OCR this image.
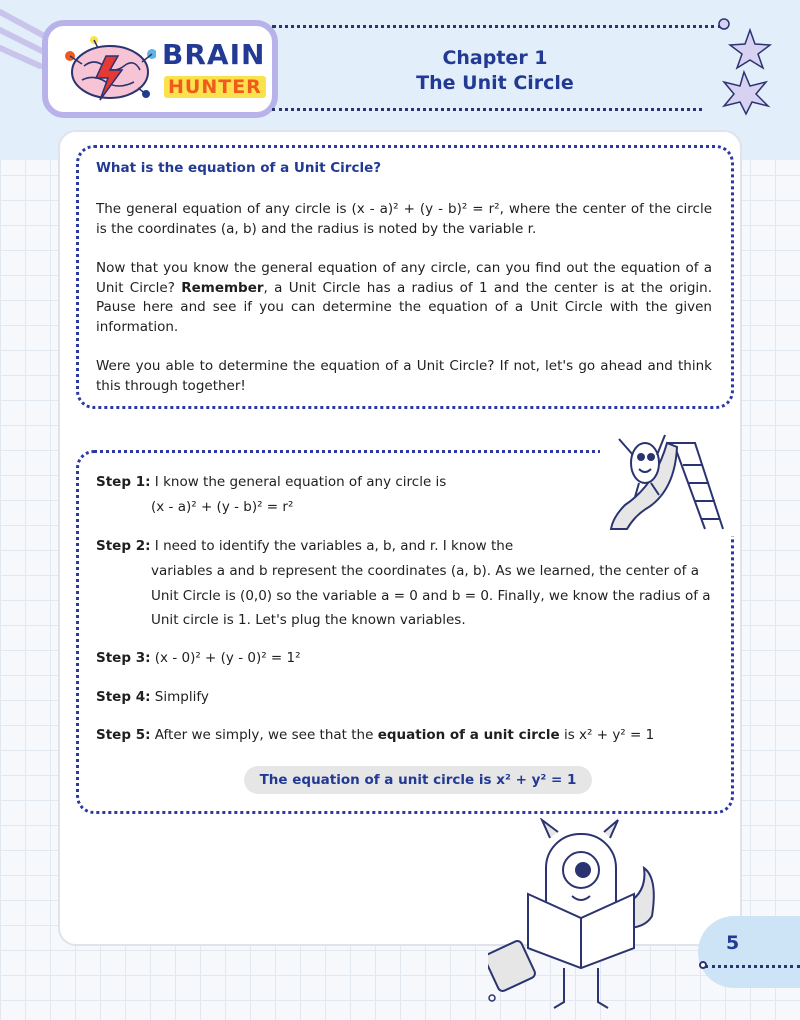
BRAIN
HUNTER
Chapter 1
The Unit Circle
What is the equation of a Unit Circle?

The general equation of any circle is (x - a)² + (y - b)² = r², where the center of the circle is the coordinates (a, b) and the radius is noted by the variable r.

Now that you know the general equation of any circle, can you find out the equation of a Unit Circle? Remember, a Unit Circle has a radius of 1 and the center is at the origin. Pause here and see if you can determine the equation of a Unit Circle with the given information.

Were you able to determine the equation of a Unit Circle? If not, let's go ahead and think this through together!

Step 1: I know the general equation of any circle is
(x - a)² + (y - b)² = r²
Step 2: I need to identify the variables a, b, and r. I know the
variables a and b represent the coordinates (a, b). As we learned, the center of a Unit Circle is (0,0) so the variable a = 0 and b = 0. Finally, we know the radius of a Unit circle is 1. Let's plug the known variables.
Step 3: (x - 0)² + (y - 0)² = 1²
Step 4: Simplify
Step 5: After we simply, we see that the equation of a unit circle is x² + y² = 1
The equation of a unit circle is x² + y² = 1
5
